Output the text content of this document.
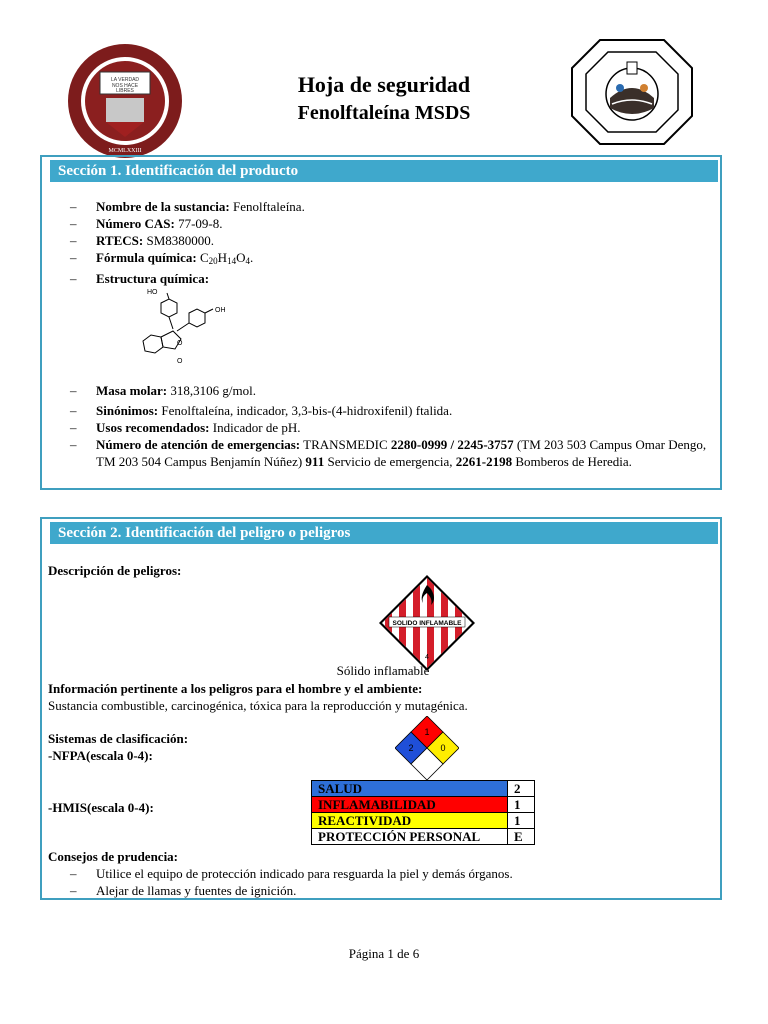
LA VERDAD
NOS HACE
LIBRES
MCMLXXIII
Hoja de seguridad
Fenolftaleína MSDS
Sección 1. Identificación del producto
– Nombre de la sustancia: Fenolftaleína.
– Número CAS: 77-09-8.
– RTECS: SM8380000.
– Fórmula química: $C_{20}H_{14}O_4$.
– Estructura química:
HO
OH
O
O
– Masa molar: 318,3106 g/mol.
– Sinónimos: Fenolftaleína, indicador, 3,3-bis-(4-hidroxifenil) ftalida.
– Usos recomendados: Indicador de pH.
– Número de atención de emergencias: TRANSMEDIC 2280-0999 / 2245-3757 (TM 203 503 Campus Omar Dengo, TM 203 504 Campus Benjamín Núñez) 911 Servicio de emergencia, 2261-2198 Bomberos de Heredia.
Sección 2. Identificación del peligro o peligros
Descripción de peligros:
SOLIDO INFLAMABLE
4
Sólido inflamable
Información pertinente a los peligros para el hombre y el ambiente:
Sustancia combustible, carcinogénica, tóxica para la reproducción y mutagénica.
Sistemas de clasificación:
-NFPA(escala 0-4):
1
2	0
-HMIS(escala 0-4):
SALUD	2
INFLAMABILIDAD	1
REACTIVIDAD	1
PROTECCIÓN PERSONAL	E
Consejos de prudencia:
– Utilice el equipo de protección indicado para resguarda la piel y demás órganos.
– Alejar de llamas y fuentes de ignición.
Página 1 de 6
